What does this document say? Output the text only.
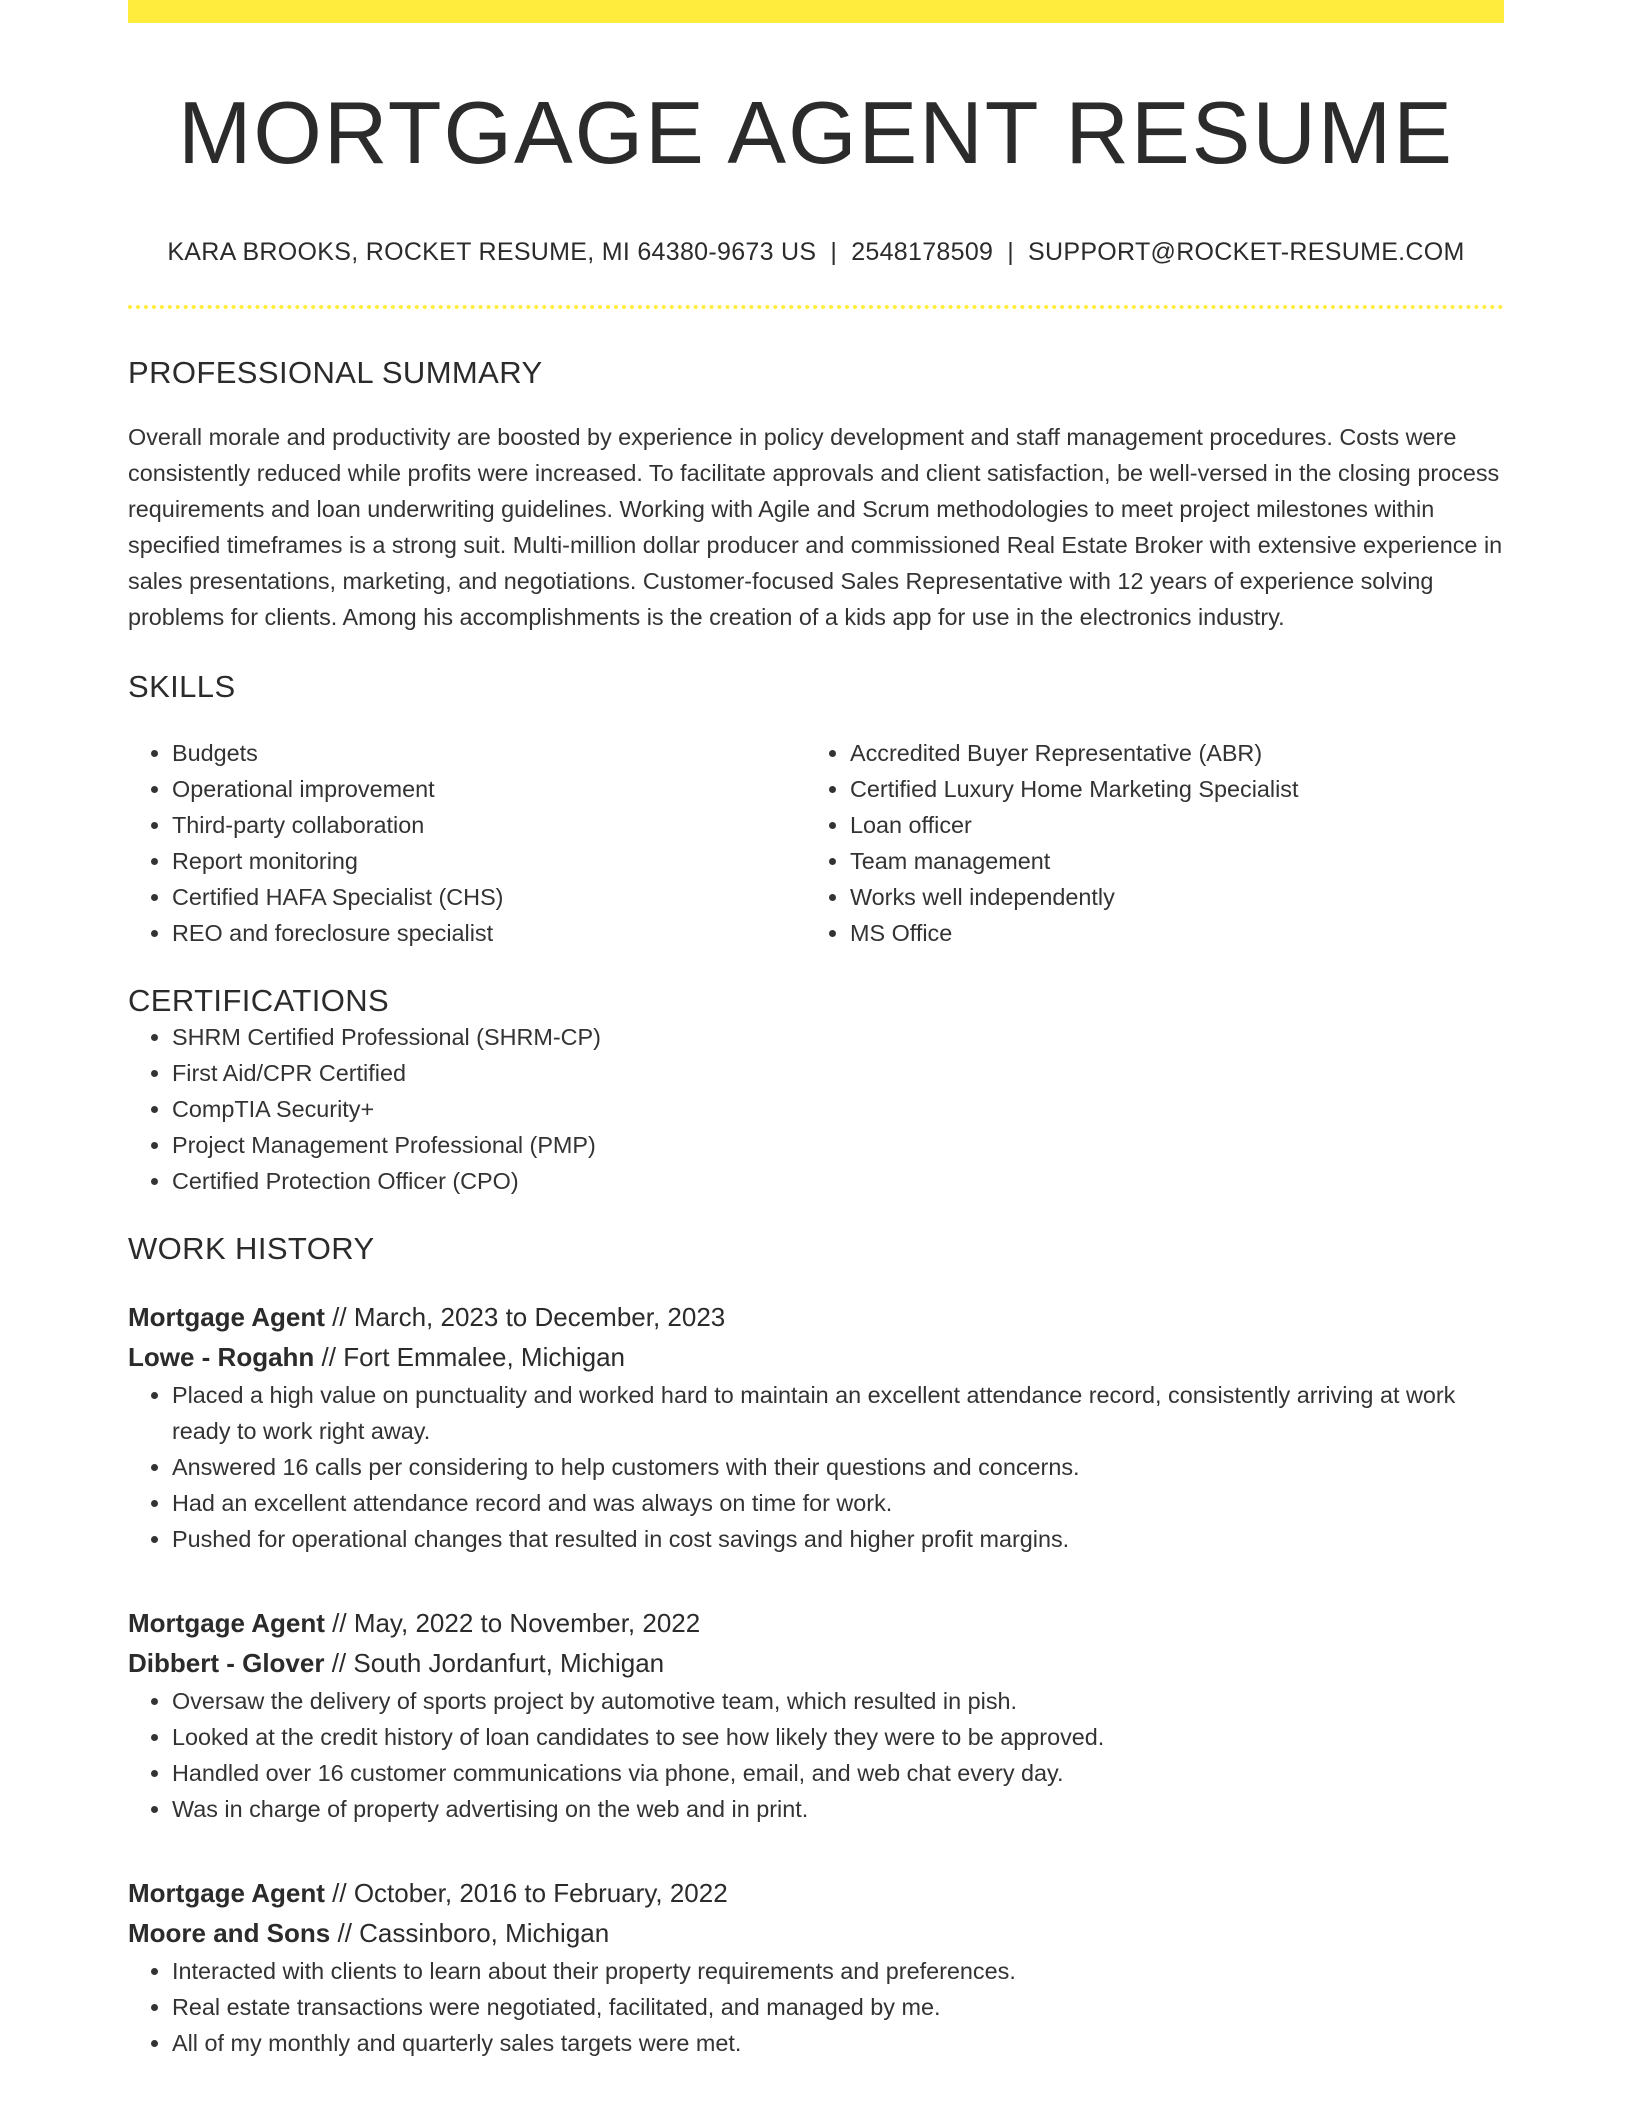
MORTGAGE AGENT RESUME
KARA BROOKS, ROCKET RESUME, MI 64380-9673 US | 2548178509 | SUPPORT@ROCKET-RESUME.COM
PROFESSIONAL SUMMARY
Overall morale and productivity are boosted by experience in policy development and staff management procedures. Costs were consistently reduced while profits were increased. To facilitate approvals and client satisfaction, be well-versed in the closing process requirements and loan underwriting guidelines. Working with Agile and Scrum methodologies to meet project milestones within specified timeframes is a strong suit. Multi-million dollar producer and commissioned Real Estate Broker with extensive experience in sales presentations, marketing, and negotiations. Customer-focused Sales Representative with 12 years of experience solving problems for clients. Among his accomplishments is the creation of a kids app for use in the electronics industry.
SKILLS
• Budgets
• Operational improvement
• Third-party collaboration
• Report monitoring
• Certified HAFA Specialist (CHS)
• REO and foreclosure specialist
• Accredited Buyer Representative (ABR)
• Certified Luxury Home Marketing Specialist
• Loan officer
• Team management
• Works well independently
• MS Office
CERTIFICATIONS
• SHRM Certified Professional (SHRM-CP)
• First Aid/CPR Certified
• CompTIA Security+
• Project Management Professional (PMP)
• Certified Protection Officer (CPO)
WORK HISTORY
Mortgage Agent // March, 2023 to December, 2023
Lowe - Rogahn // Fort Emmalee, Michigan
• Placed a high value on punctuality and worked hard to maintain an excellent attendance record, consistently arriving at work ready to work right away.
• Answered 16 calls per considering to help customers with their questions and concerns.
• Had an excellent attendance record and was always on time for work.
• Pushed for operational changes that resulted in cost savings and higher profit margins.
Mortgage Agent // May, 2022 to November, 2022
Dibbert - Glover // South Jordanfurt, Michigan
• Oversaw the delivery of sports project by automotive team, which resulted in pish.
• Looked at the credit history of loan candidates to see how likely they were to be approved.
• Handled over 16 customer communications via phone, email, and web chat every day.
• Was in charge of property advertising on the web and in print.
Mortgage Agent // October, 2016 to February, 2022
Moore and Sons // Cassinboro, Michigan
• Interacted with clients to learn about their property requirements and preferences.
• Real estate transactions were negotiated, facilitated, and managed by me.
• All of my monthly and quarterly sales targets were met.
